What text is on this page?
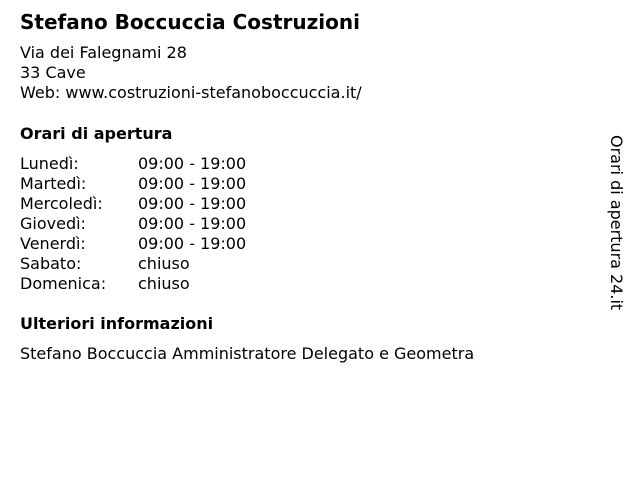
Stefano Boccuccia Costruzioni
Via dei Falegnami 28
33 Cave
Web: www.costruzioni-stefanoboccuccia.it/
Orari di apertura
Lunedì:	09:00 - 19:00
Martedì:	09:00 - 19:00
Mercoledì: 09:00 - 19:00
Giovedì:	09:00 - 19:00
Venerdì:	09:00 - 19:00
Sabato:	chiuso
Domenica: chiuso
Ulteriori informazioni
Stefano Boccuccia Amministratore Delegato e Geometra
Orari di apertura 24.it
